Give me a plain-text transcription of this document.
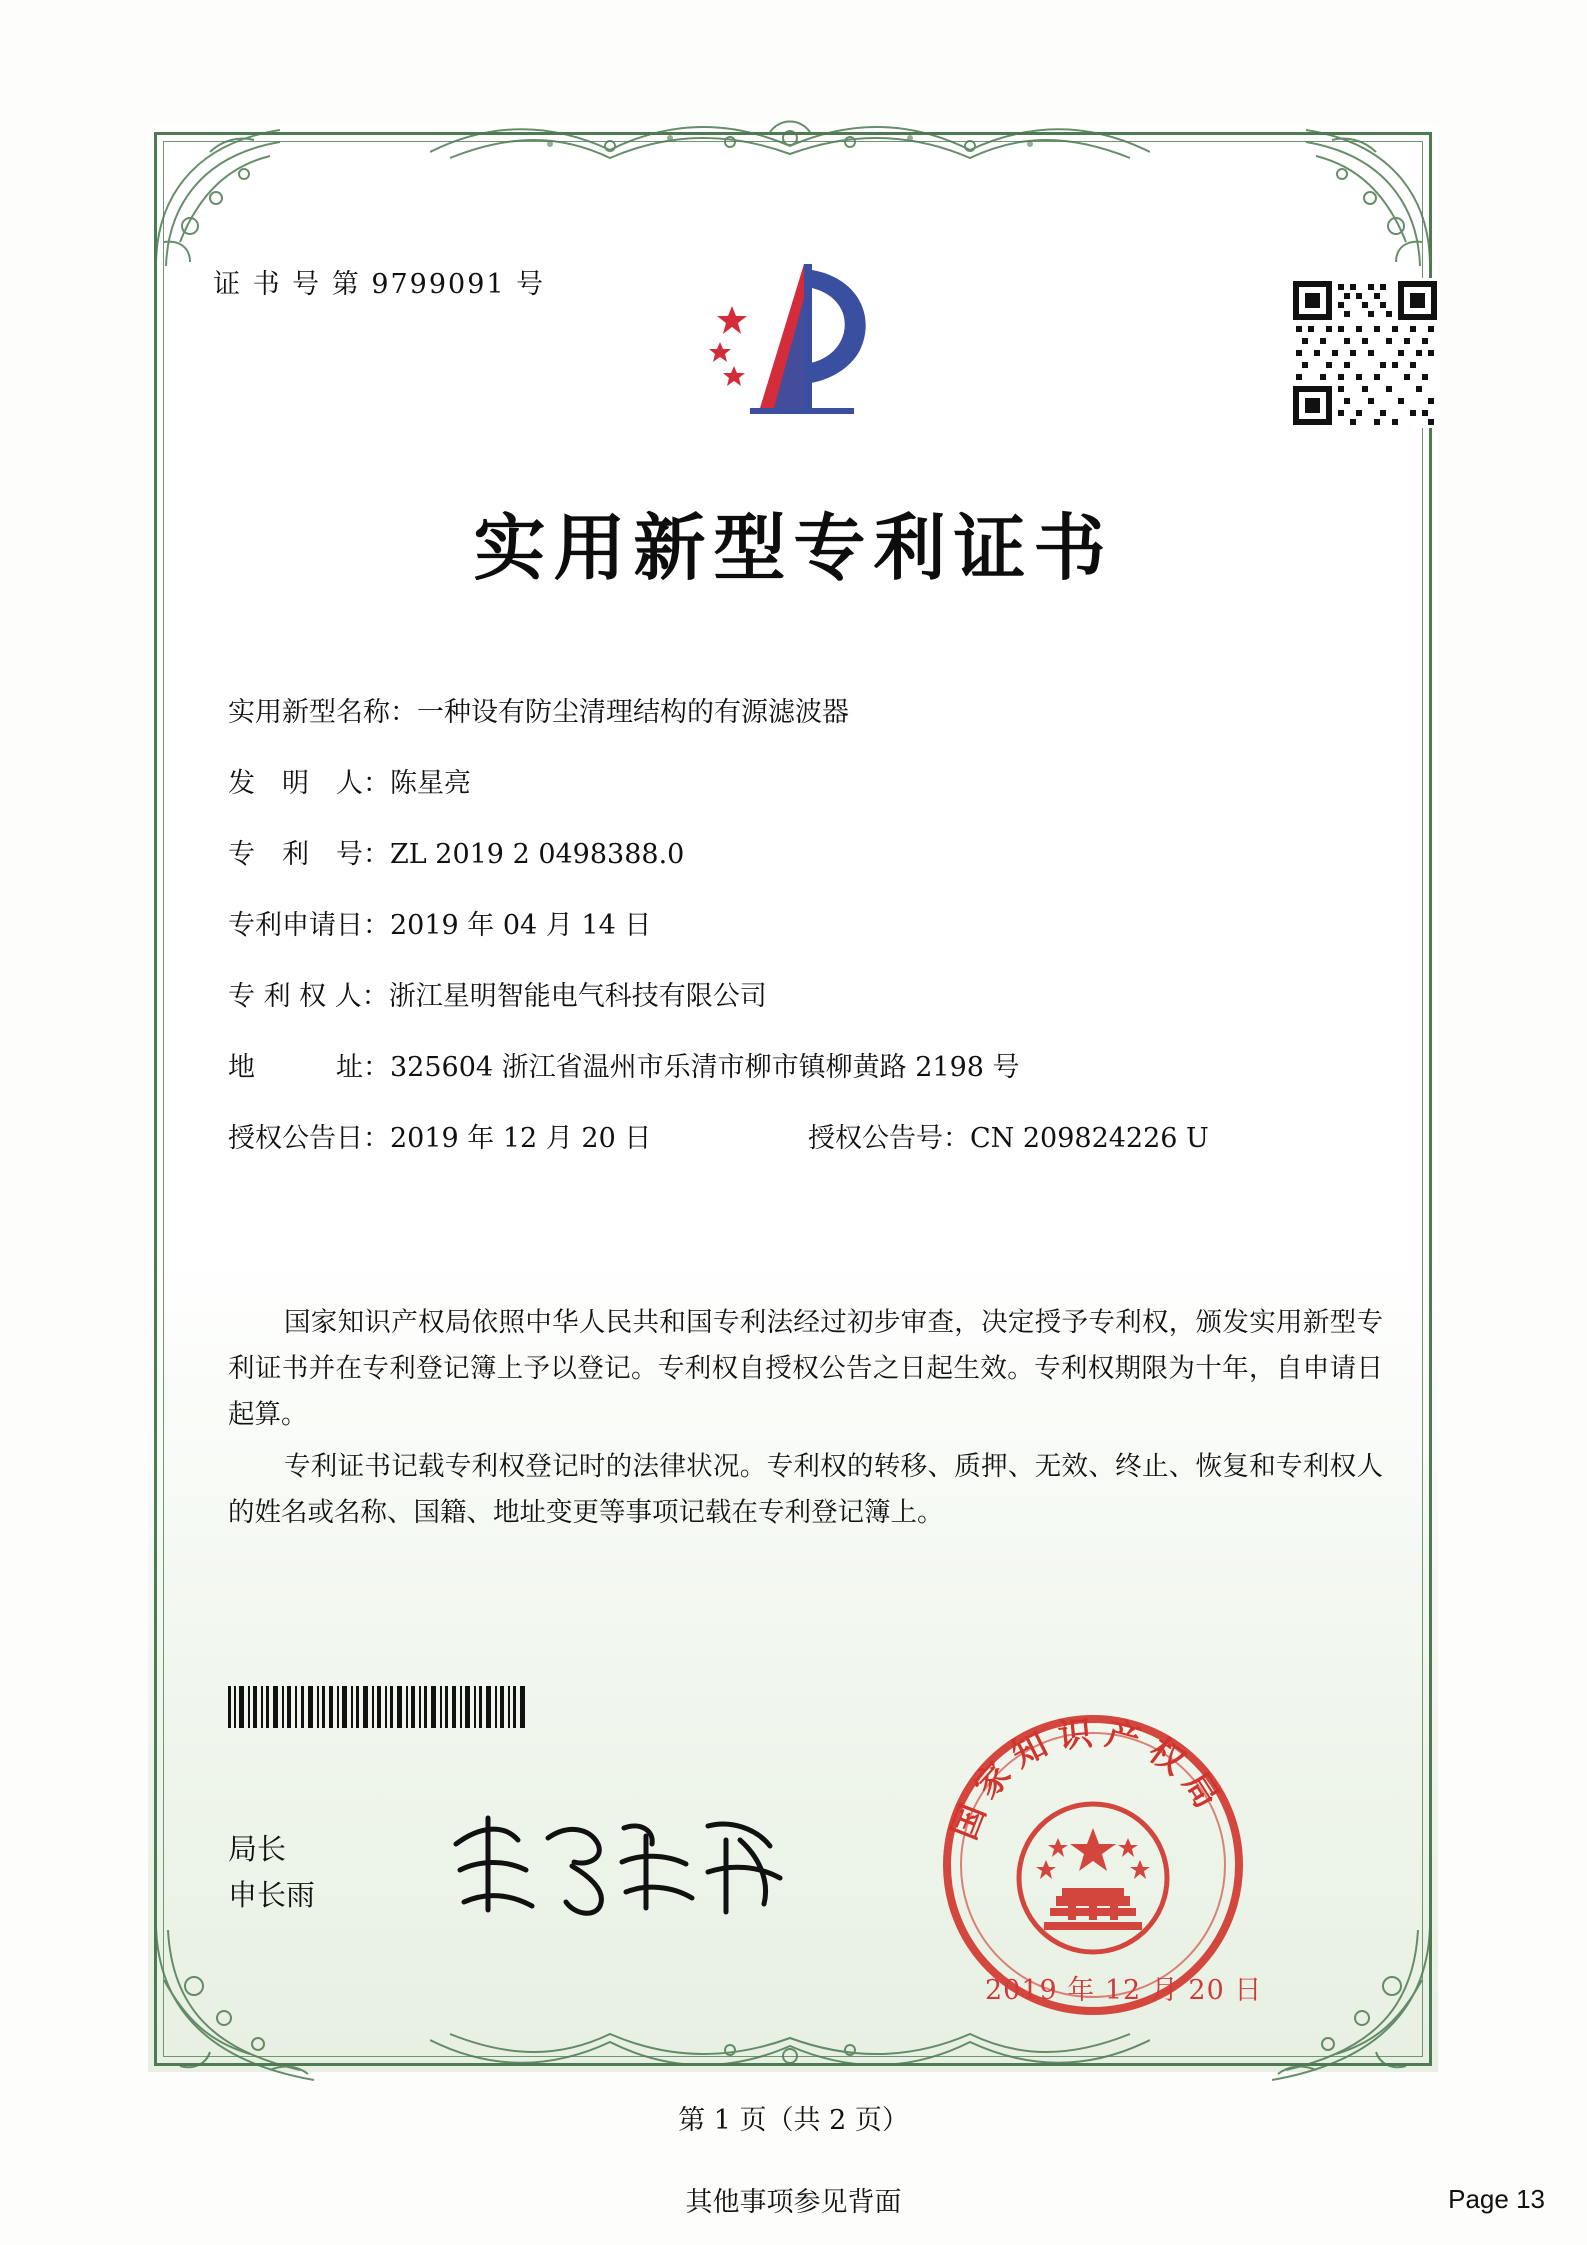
证 书 号 第 9799091 号
实用新型专利证书
实用新型名称：一种设有防尘清理结构的有源滤波器
发　明　人：陈星亮
专　利　号：ZL 2019 2 0498388.0
专利申请日：2019 年 04 月 14 日
专 利 权 人：浙江星明智能电气科技有限公司
地　　　址：325604 浙江省温州市乐清市柳市镇柳黄路 2198 号
授权公告日：2019 年 12 月 20 日	授权公告号：CN 209824226 U

国家知识产权局依照中华人民共和国专利法经过初步审查，决定授予专利权，颁发实用新型专利证书并在专利登记簿上予以登记。专利权自授权公告之日起生效。专利权期限为十年，自申请日起算。

专利证书记载专利权登记时的法律状况。专利权的转移、质押、无效、终止、恢复和专利权人的姓名或名称、国籍、地址变更等事项记载在专利登记簿上。

局长
申长雨
国家知识产权局
2019 年 12 月 20 日
第 1 页（共 2 页）
其他事项参见背面	Page 13
